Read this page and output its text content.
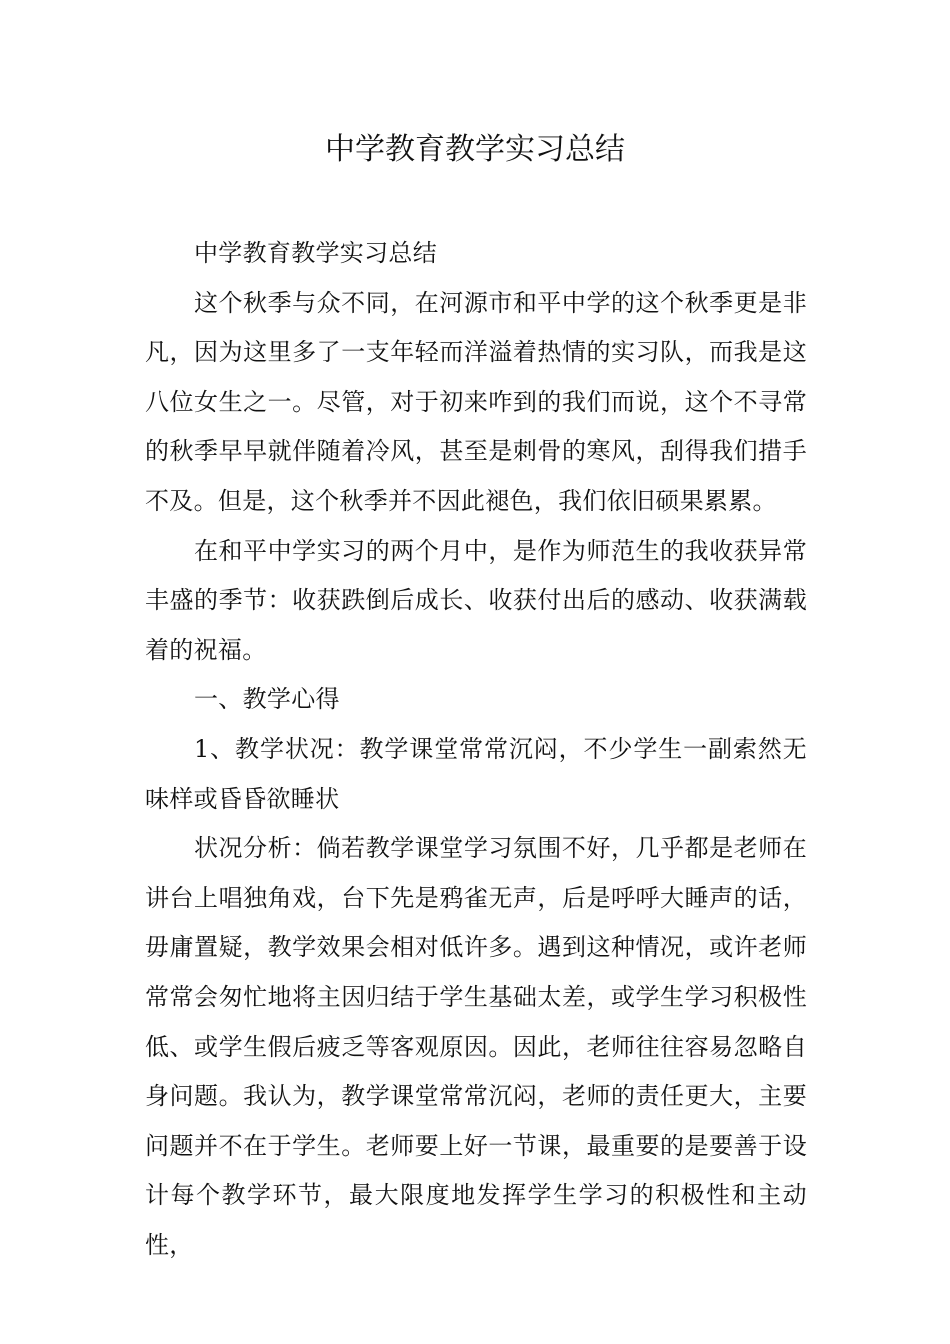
中学教育教学实习总结

中学教育教学实习总结

这个秋季与众不同，在河源市和平中学的这个秋季更是非凡，因为这里多了一支年轻而洋溢着热情的实习队，而我是这八位女生之一。尽管，对于初来咋到的我们而说，这个不寻常的秋季早早就伴随着冷风，甚至是刺骨的寒风，刮得我们措手不及。但是，这个秋季并不因此褪色，我们依旧硕果累累。

在和平中学实习的两个月中，是作为师范生的我收获异常丰盛的季节：收获跌倒后成长、收获付出后的感动、收获满载着的祝福。

一、教学心得

1、教学状况：教学课堂常常沉闷，不少学生一副索然无味样或昏昏欲睡状

状况分析：倘若教学课堂学习氛围不好，几乎都是老师在讲台上唱独角戏，台下先是鸦雀无声，后是呼呼大睡声的话，毋庸置疑，教学效果会相对低许多。遇到这种情况，或许老师常常会匆忙地将主因归结于学生基础太差，或学生学习积极性低、或学生假后疲乏等客观原因。因此，老师往往容易忽略自身问题。我认为，教学课堂常常沉闷，老师的责任更大，主要问题并不在于学生。老师要上好一节课，最重要的是要善于设计每个教学环节，最大限度地发挥学生学习的积极性和主动性，
